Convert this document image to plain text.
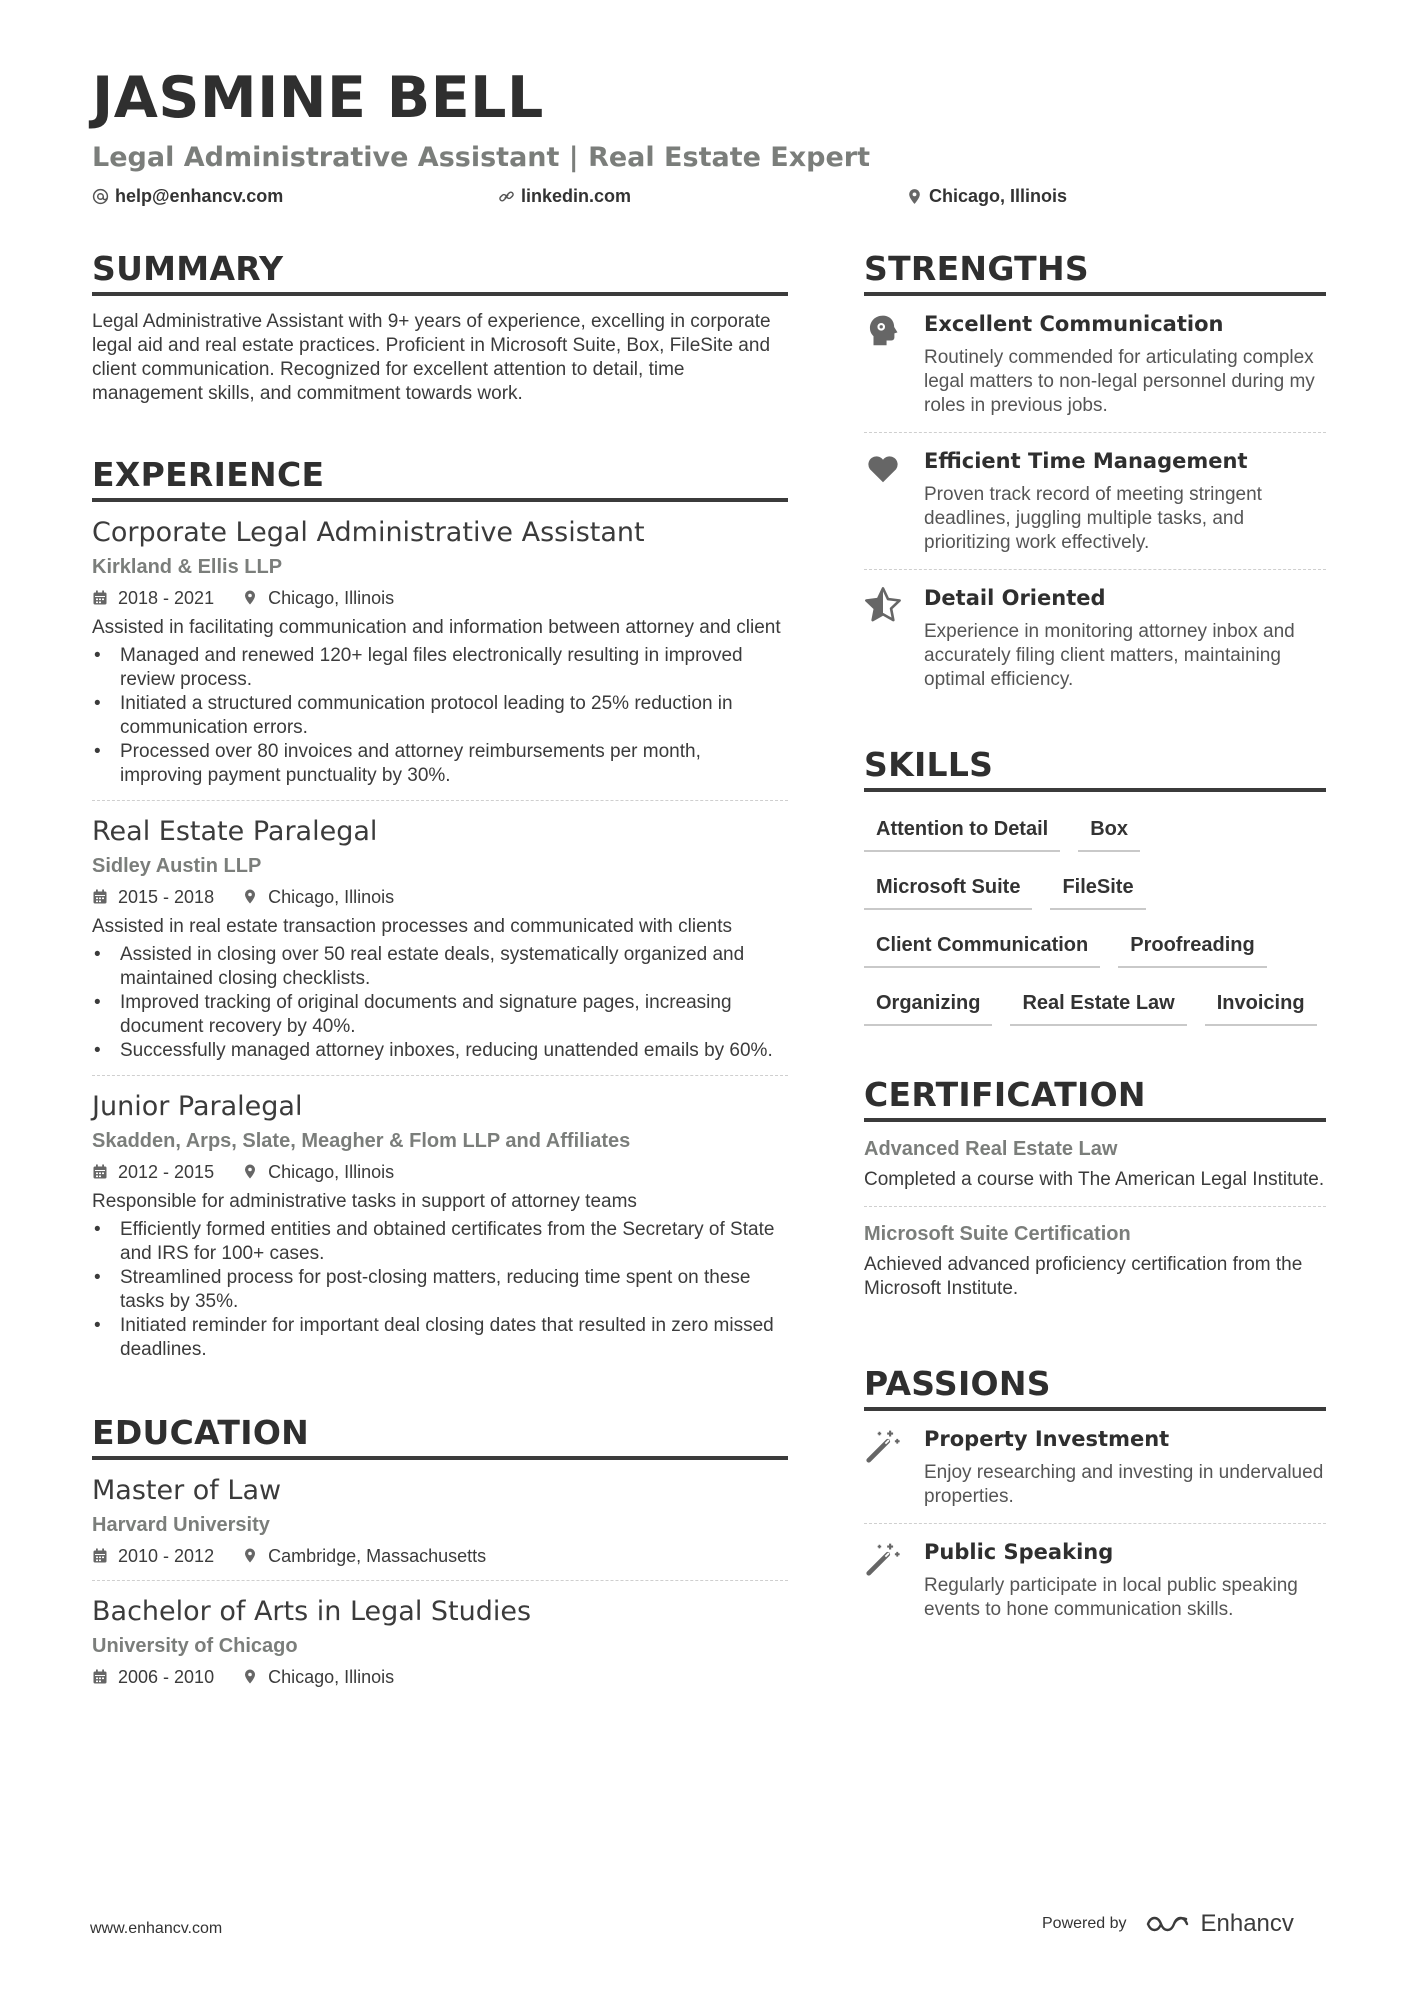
JASMINE BELL
Legal Administrative Assistant | Real Estate Expert
help@enhancv.com	linkedin.com	Chicago, Illinois
SUMMARY
Legal Administrative Assistant with 9+ years of experience, excelling in corporate legal aid and real estate practices. Proficient in Microsoft Suite, Box, FileSite and client communication. Recognized for excellent attention to detail, time management skills, and commitment towards work.
EXPERIENCE
Corporate Legal Administrative Assistant
Kirkland & Ellis LLP
2018 - 2021	Chicago, Illinois
Assisted in facilitating communication and information between attorney and client
• Managed and renewed 120+ legal files electronically resulting in improved review process.
• Initiated a structured communication protocol leading to 25% reduction in communication errors.
• Processed over 80 invoices and attorney reimbursements per month, improving payment punctuality by 30%.
Real Estate Paralegal
Sidley Austin LLP
2015 - 2018	Chicago, Illinois
Assisted in real estate transaction processes and communicated with clients
• Assisted in closing over 50 real estate deals, systematically organized and maintained closing checklists.
• Improved tracking of original documents and signature pages, increasing document recovery by 40%.
• Successfully managed attorney inboxes, reducing unattended emails by 60%.
Junior Paralegal
Skadden, Arps, Slate, Meagher & Flom LLP and Affiliates
2012 - 2015	Chicago, Illinois
Responsible for administrative tasks in support of attorney teams
• Efficiently formed entities and obtained certificates from the Secretary of State and IRS for 100+ cases.
• Streamlined process for post-closing matters, reducing time spent on these tasks by 35%.
• Initiated reminder for important deal closing dates that resulted in zero missed deadlines.
EDUCATION
Master of Law
Harvard University
2010 - 2012	Cambridge, Massachusetts
Bachelor of Arts in Legal Studies
University of Chicago
2006 - 2010	Chicago, Illinois
STRENGTHS
Excellent Communication
Routinely commended for articulating complex legal matters to non-legal personnel during my roles in previous jobs.
Efficient Time Management
Proven track record of meeting stringent deadlines, juggling multiple tasks, and prioritizing work effectively.
Detail Oriented
Experience in monitoring attorney inbox and accurately filing client matters, maintaining optimal efficiency.
SKILLS
Attention to Detail	Box
Microsoft Suite	FileSite
Client Communication	Proofreading
Organizing	Real Estate Law	Invoicing
CERTIFICATION
Advanced Real Estate Law
Completed a course with The American Legal Institute.
Microsoft Suite Certification
Achieved advanced proficiency certification from the Microsoft Institute.
PASSIONS
Property Investment
Enjoy researching and investing in undervalued properties.
Public Speaking
Regularly participate in local public speaking events to hone communication skills.
www.enhancv.com	Powered by	Enhancv
